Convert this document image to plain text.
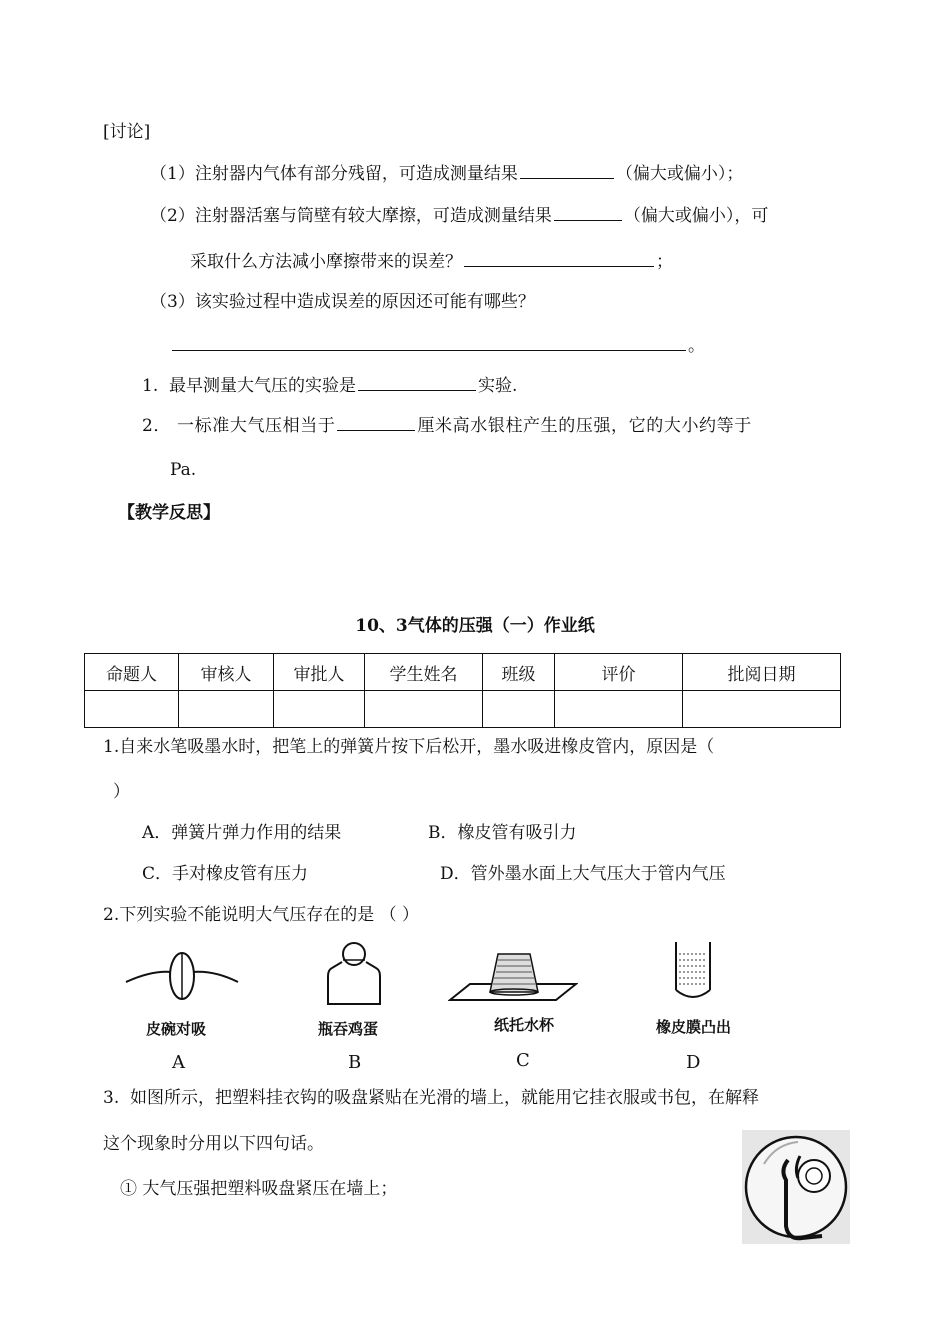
[讨论]
（1）注射器内气体有部分残留，可造成测量结果	（偏大或偏小）；
（2）注射器活塞与筒壁有较大摩擦，可造成测量结果	（偏大或偏小），可
采取什么方法减小摩擦带来的误差？	；
（3）该实验过程中造成误差的原因还可能有哪些？
。
1. 最早测量大气压的实验是	实验.
2． 一标准大气压相当于	厘米高水银柱产生的压强，它的大小约等于
Pa.
【教学反思】
10、3气体的压强（一）作业纸
命题人	审核人	审批人	学生姓名	班级	评价	批阅日期

1.自来水笔吸墨水时，把笔上的弹簧片按下后松开，墨水吸进橡皮管内，原因是（
）
A．弹簧片弹力作用的结果	B．橡皮管有吸引力
C．手对橡皮管有压力	D．管外墨水面上大气压大于管内气压
2.下列实验不能说明大气压存在的是 （ ）
皮碗对吸
A
瓶吞鸡蛋
B
纸托水杯
C
橡皮膜凸出
D
3. 如图所示，把塑料挂衣钩的吸盘紧贴在光滑的墙上，就能用它挂衣服或书包，在解释
这个现象时分用以下四句话。
① 大气压强把塑料吸盘紧压在墙上；
